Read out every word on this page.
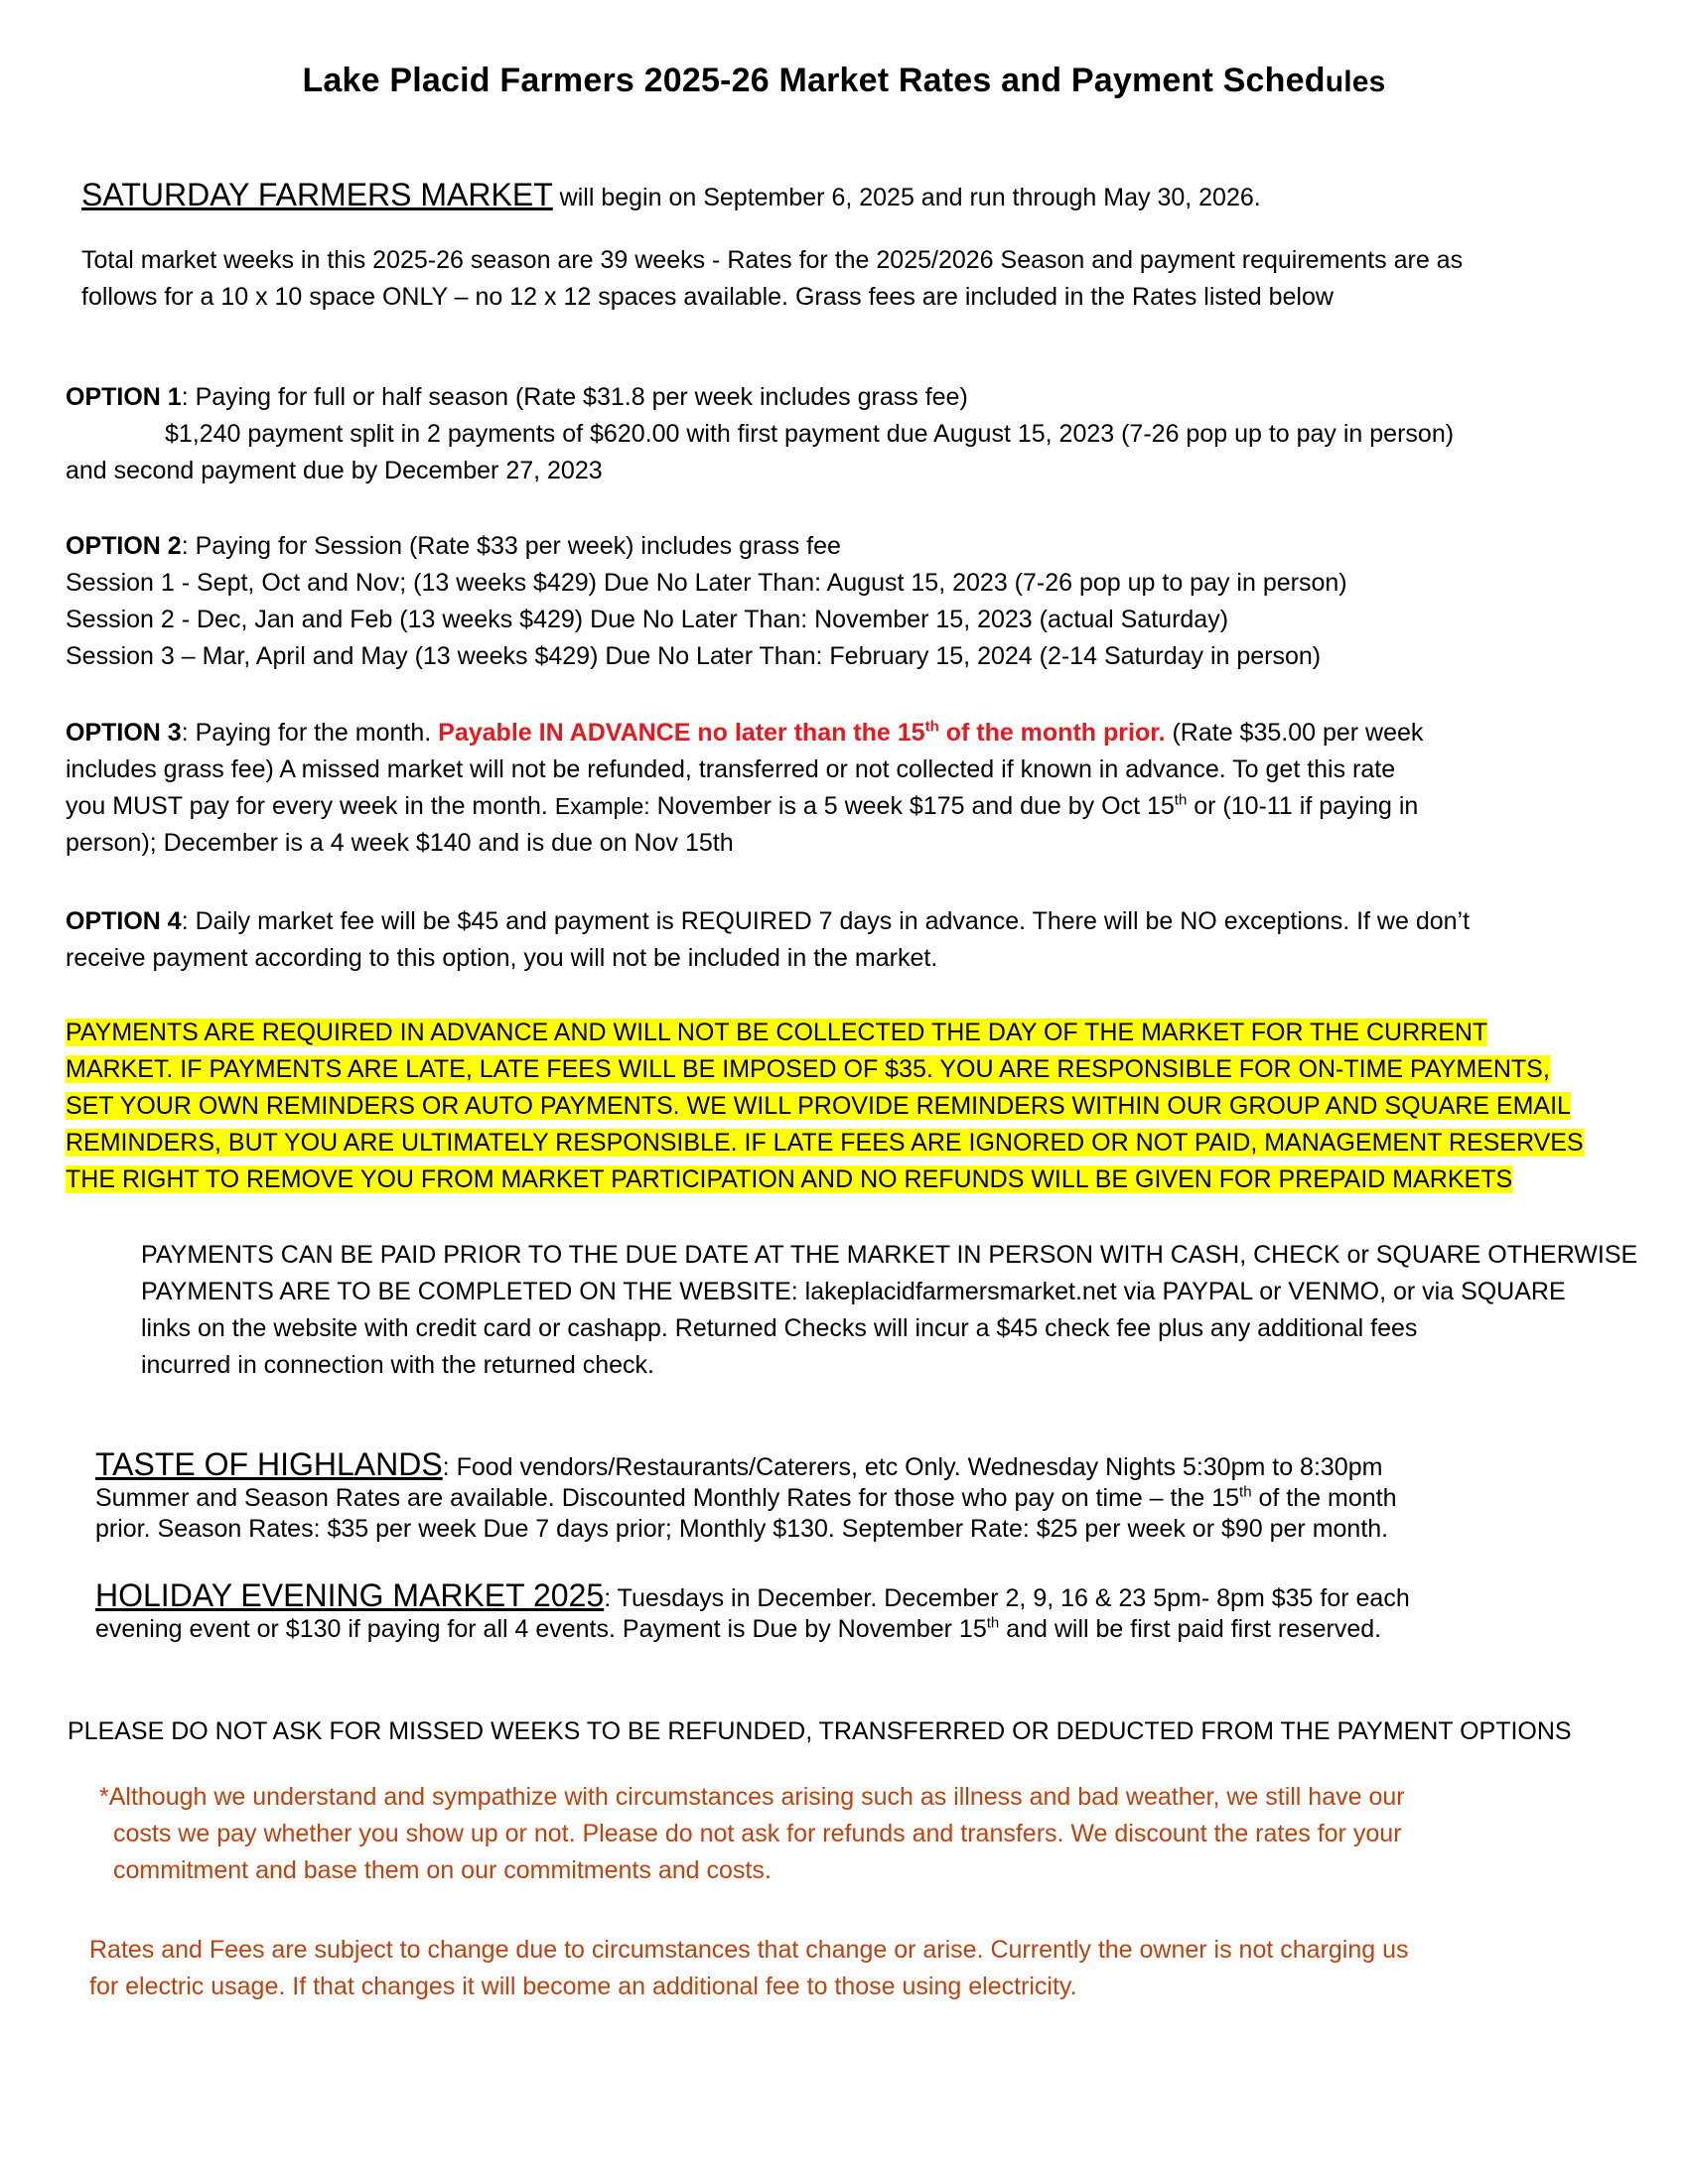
Lake Placid Farmers 2025-26 Market Rates and Payment Schedules
SATURDAY FARMERS MARKET will begin on September 6, 2025 and run through May 30, 2026.
Total market weeks in this 2025-26 season are 39 weeks - Rates for the 2025/2026 Season and payment requirements are as
follows for a 10 x 10 space ONLY – no 12 x 12 spaces available. Grass fees are included in the Rates listed below
OPTION 1: Paying for full or half season (Rate $31.8 per week includes grass fee)
$1,240 payment split in 2 payments of $620.00 with first payment due August 15, 2023 (7-26 pop up to pay in person)
and second payment due by December 27, 2023
OPTION 2: Paying for Session (Rate $33 per week) includes grass fee
Session 1 - Sept, Oct and Nov; (13 weeks $429) Due No Later Than: August 15, 2023 (7-26 pop up to pay in person)
Session 2 - Dec, Jan and Feb (13 weeks $429) Due No Later Than: November 15, 2023 (actual Saturday)
Session 3 – Mar, April and May (13 weeks $429) Due No Later Than: February 15, 2024 (2-14 Saturday in person)
OPTION 3: Paying for the month. Payable IN ADVANCE no later than the 15th of the month prior. (Rate $35.00 per week
includes grass fee) A missed market will not be refunded, transferred or not collected if known in advance. To get this rate
you MUST pay for every week in the month. Example: November is a 5 week $175 and due by Oct 15th or (10-11 if paying in
person); December is a 4 week $140 and is due on Nov 15th
OPTION 4: Daily market fee will be $45 and payment is REQUIRED 7 days in advance. There will be NO exceptions. If we don’t
receive payment according to this option, you will not be included in the market.
PAYMENTS ARE REQUIRED IN ADVANCE AND WILL NOT BE COLLECTED THE DAY OF THE MARKET FOR THE CURRENT
MARKET. IF PAYMENTS ARE LATE, LATE FEES WILL BE IMPOSED OF $35. YOU ARE RESPONSIBLE FOR ON-TIME PAYMENTS,
SET YOUR OWN REMINDERS OR AUTO PAYMENTS. WE WILL PROVIDE REMINDERS WITHIN OUR GROUP AND SQUARE EMAIL
REMINDERS, BUT YOU ARE ULTIMATELY RESPONSIBLE. IF LATE FEES ARE IGNORED OR NOT PAID, MANAGEMENT RESERVES
THE RIGHT TO REMOVE YOU FROM MARKET PARTICIPATION AND NO REFUNDS WILL BE GIVEN FOR PREPAID MARKETS
PAYMENTS CAN BE PAID PRIOR TO THE DUE DATE AT THE MARKET IN PERSON WITH CASH, CHECK or SQUARE OTHERWISE
PAYMENTS ARE TO BE COMPLETED ON THE WEBSITE: lakeplacidfarmersmarket.net via PAYPAL or VENMO, or via SQUARE
links on the website with credit card or cashapp. Returned Checks will incur a $45 check fee plus any additional fees
incurred in connection with the returned check.
TASTE OF HIGHLANDS: Food vendors/Restaurants/Caterers, etc Only. Wednesday Nights 5:30pm to 8:30pm
Summer and Season Rates are available. Discounted Monthly Rates for those who pay on time – the 15th of the month
prior. Season Rates: $35 per week Due 7 days prior; Monthly $130. September Rate: $25 per week or $90 per month.
HOLIDAY EVENING MARKET 2025: Tuesdays in December. December 2, 9, 16 & 23 5pm- 8pm $35 for each
evening event or $130 if paying for all 4 events. Payment is Due by November 15th and will be first paid first reserved.
PLEASE DO NOT ASK FOR MISSED WEEKS TO BE REFUNDED, TRANSFERRED OR DEDUCTED FROM THE PAYMENT OPTIONS
*Although we understand and sympathize with circumstances arising such as illness and bad weather, we still have our
costs we pay whether you show up or not. Please do not ask for refunds and transfers. We discount the rates for your
commitment and base them on our commitments and costs.
Rates and Fees are subject to change due to circumstances that change or arise. Currently the owner is not charging us
for electric usage. If that changes it will become an additional fee to those using electricity.
